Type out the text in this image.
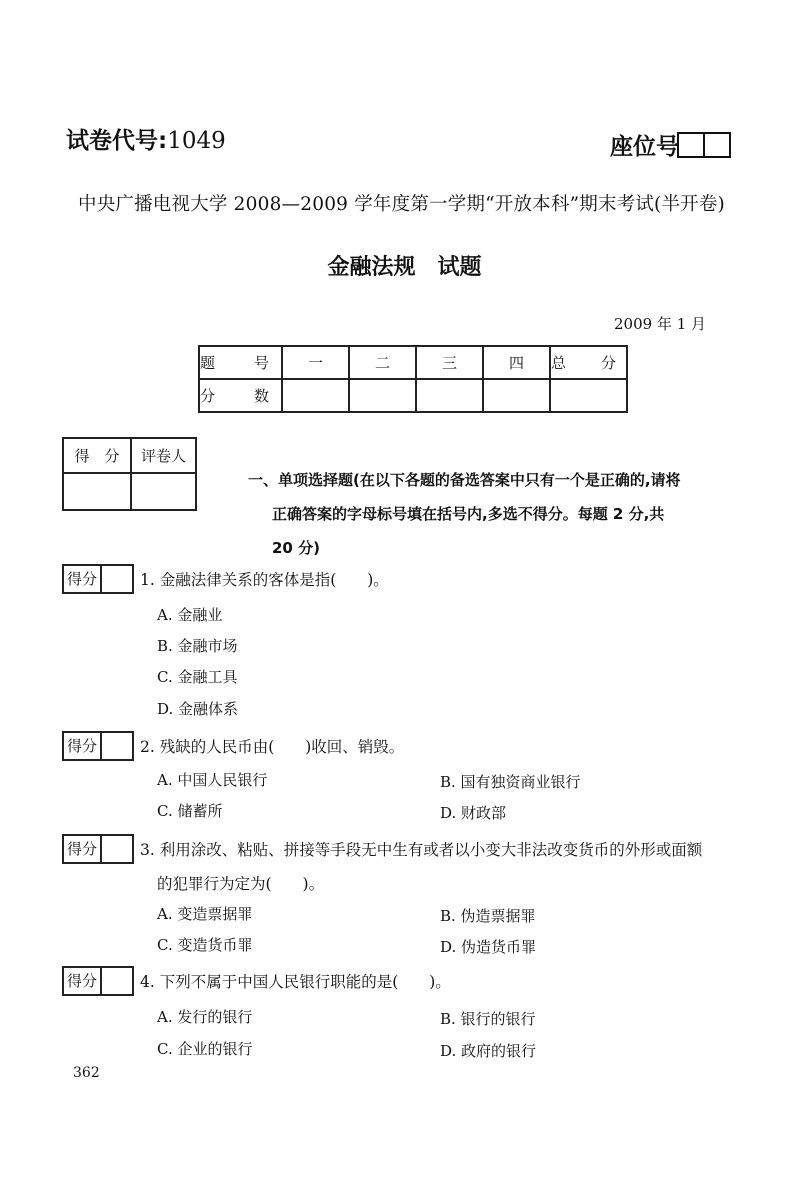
试卷代号:1049	座位号
中央广播电视大学 2008—2009 学年度第一学期“开放本科”期末考试(半开卷)
金融法规　试题
2009 年 1 月
题　号	一	二	三	四	总　分
分　数					
得　分	评卷人

一、单项选择题(在以下各题的备选答案中只有一个是正确的,请将
正确答案的字母标号填在括号内,多选不得分。每题 2 分,共
20 分)
得分	1. 金融法律关系的客体是指(　　)。
A. 金融业
B. 金融市场
C. 金融工具
D. 金融体系
得分	2. 残缺的人民币由(　　)收回、销毁。
A. 中国人民银行	B. 国有独资商业银行
C. 储蓄所	D. 财政部
得分	3. 利用涂改、粘贴、拼接等手段无中生有或者以小变大非法改变货币的外形或面额
的犯罪行为定为(　　)。
A. 变造票据罪	B. 伪造票据罪
C. 变造货币罪	D. 伪造货币罪
得分	4. 下列不属于中国人民银行职能的是(　　)。
A. 发行的银行	B. 银行的银行
C. 企业的银行	D. 政府的银行
362
